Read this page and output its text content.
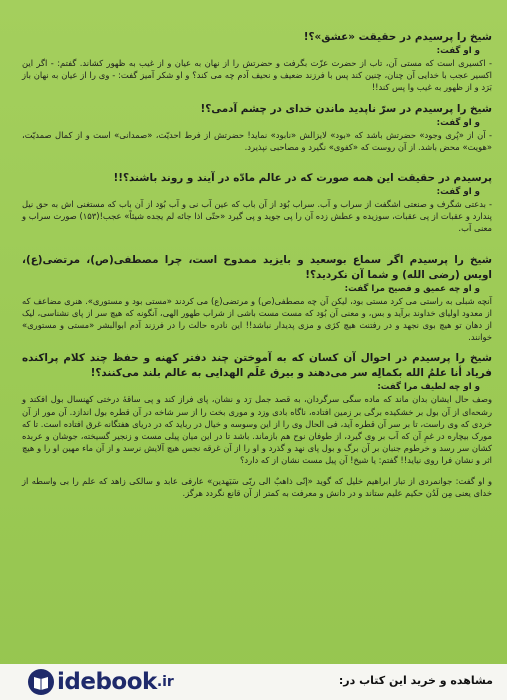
شیخ را پرسیدم در حقیقت «عشق»؟!

و او گفت:

- اکسیری است که مستی آن، تاب از حضرت عزّت بگرفت و حضرتش را از نهان به عیان و از غیب به ظهور کشاند. گفتم: - اگر این اکسیر عجب با خدایی آن چنان، چنین کند پس با فرزند ضعیف و نحیف آدم چه می کند؟ و او شکر آمیز گفت: - وی را از عیان به نهان باز بَرَد و از ظهور به غیب وا پس کند!!

شیخ را پرسیدم در سرّ ناپدید ماندن خدای در چشم آدمی؟!

و او گفت:

- آن از «پُری وجود» حضرتش باشد که «بود» لایزالش «نابود» نماید! حضرتش از فرط احدیّت، «صمدانی» است و از کمال صمدیّت، «هویت» محض باشد. از آن روست که «کفوی» نگیرد و مصاحبی نپذیرد.

پرسیدم در حقیقت این همه صورت که در عالم مادّه در آیند و روند باشند؟!!

و او گفت:

- بدعتی شگرف و صنعتی اشگفت از سراب و آب. سراب بُوَد از آن باب که عین آب نی و آب بُوَد از آن باب که مستغنی اش به حق نیل پندارد و عقبات از پی عقبات، سوزیده و عطش زده آن را پی جوید و پی گیرد «حتّی اذا جائه لم یجده شیئاً» عجب!(۱۵۳) صورت سراب و معنی آب.

شیخ را پرسیدم اگر سماع بوسعید و بایزید ممدوح است، چرا مصطفی(ص)، مرتضی(ع)، اویس (رضی الله) و شما آن نکردید؟!

و او چه عمیق و فصیح مرا گفت:

آنچه شبلی به راستی می کرد مستی بود، لیکن آن چه مصطفی(ص) و مرتضی(ع) می کردند «مستی بود و مستوری». هنری مضاعف که از معدود اولیای خداوند برآید و بس، و معنی آن بُوَد که مست مست باشی از شراب طهور الهی، آنگونه که هیچ سر از پای نشناسی، لیک از دهان تو هیچ بوی نجهد و در رفتنت هیچ کژی و مزی پدیدار نباشد!! این نادره حالت را در فرزند آدم ابوالبشر «مستی و مستوری» خوانند.

شیخ را پرسیدم در احوال آن کسان که به آموختن چند دفتر کهنه و حفظ چند کلام پراکنده فریاد أنا علمُ الله بکمالِه سر می‌دهند و بیرق عَلَم الهدایی به عالم بلند می‌کنند؟!

و او چه لطیف مرا گفت:

وصف حال ایشان بدان ماند که ماده سگی سرگردان، به قصد جمل رَد و نشان، پای فراز کند و پی ساقهٔ درختی کهنسال بول افکند و رشحه‌ای از آن بول بر خشکیده برگی بر زمین افتاده، ناگاه بادی وزد و موری بخت را از سر شاخه در آن قطره بول اندازد. آن مور از آن خردی که وی راست، تا بر سر آن قطره آید، فی الحال وی را از این وسوسه و خیال در رباید که در دریای هفتگانه غرق افتاده است. تا که مورک بیچاره در غمِ آن که آب بر وی گیرد، از طوفان نوح هم بازماند. باشد تا در این میان پیلی مست و زنجیر گسیخته، جوشان و عربده کشان سر رسد و خرطوم جنبان بر آن برگ و بول پای نهد و گذرد و او را از آن غرقه نجس هیچ آلایش نرسد و از آن ماء مهین او را و هیچ اثر و نشان فرا روی نیاید!! گفتم: یا شیخ! آن پیل مست نشان از که دارد؟

و او گفت: جوانمردی از تبار ابراهیم خلیل که گوید «إنّی ذاهبٌ الی ربّی سَیَهدین» عارفی عابد و سالکی زاهد که علم را بی واسطه از خدای یعنی مِن لَدُن حکیم علیم ستاند و در دانش و معرفت به کمتر از آن قانع نگردد هرگز.

idebook .ir	مشاهده و خرید این کتاب در:
